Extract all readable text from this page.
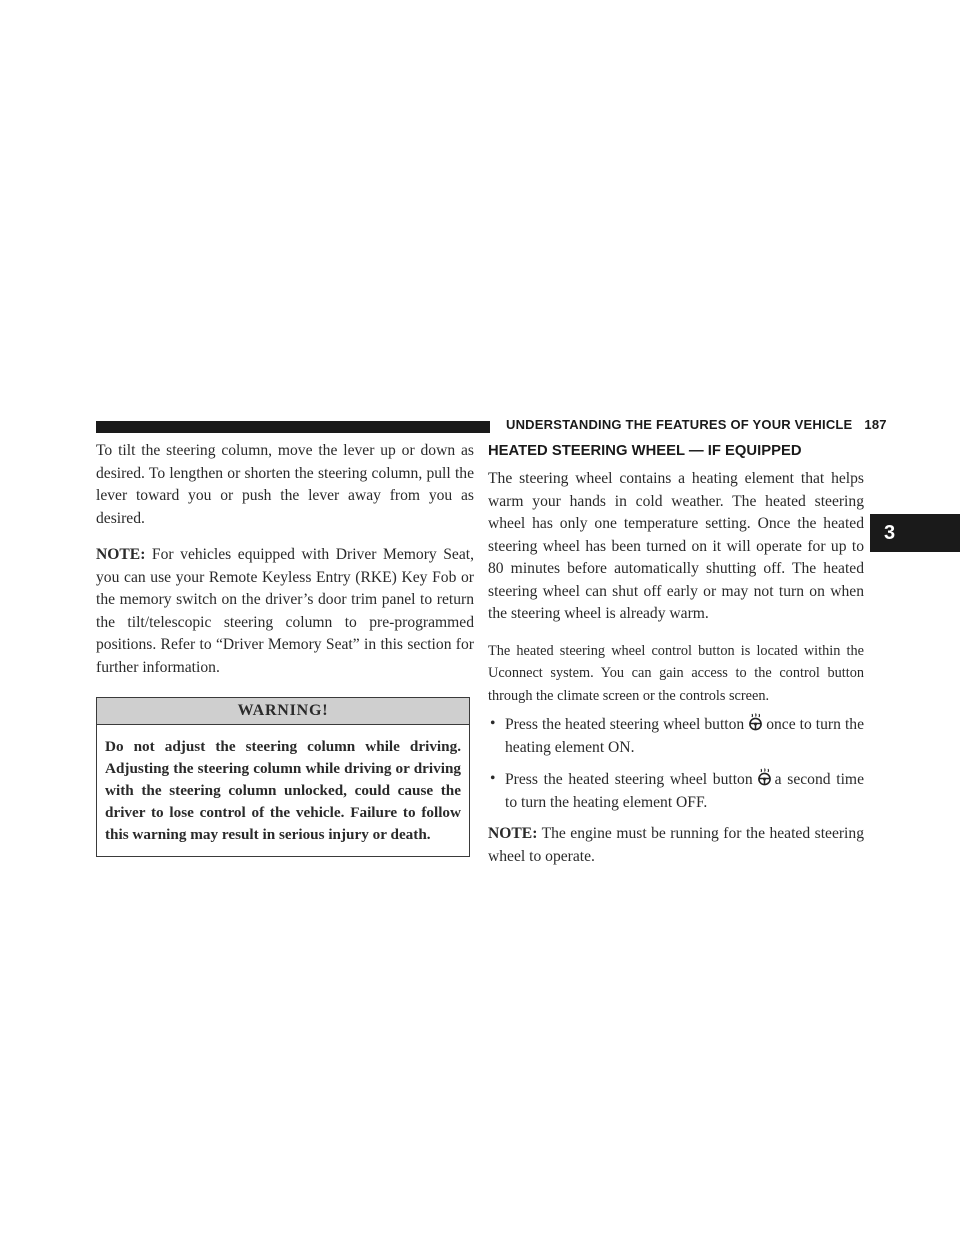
UNDERSTANDING THE FEATURES OF YOUR VEHICLE 187
3

To tilt the steering column, move the lever up or down as desired. To lengthen or shorten the steering column, pull the lever toward you or push the lever away from you as desired.

NOTE: For vehicles equipped with Driver Memory Seat, you can use your Remote Keyless Entry (RKE) Key Fob or the memory switch on the driver’s door trim panel to return the tilt/telescopic steering column to pre-programmed positions. Refer to “Driver Memory Seat” in this section for further information.

WARNING!
Do not adjust the steering column while driving. Adjusting the steering column while driving or driving with the steering column unlocked, could cause the driver to lose control of the vehicle. Failure to follow this warning may result in serious injury or death.
HEATED STEERING WHEEL — IF EQUIPPED

The steering wheel contains a heating element that helps warm your hands in cold weather. The heated steering wheel has only one temperature setting. Once the heated steering wheel has been turned on it will operate for up to 80 minutes before automatically shutting off. The heated steering wheel can shut off early or may not turn on when the steering wheel is already warm.

The heated steering wheel control button is located within the Uconnect system. You can gain access to the control button through the climate screen or the controls screen.

• Press the heated steering wheel button once to turn the heating element ON.
• Press the heated steering wheel button a second time to turn the heating element OFF.

NOTE: The engine must be running for the heated steering wheel to operate.
